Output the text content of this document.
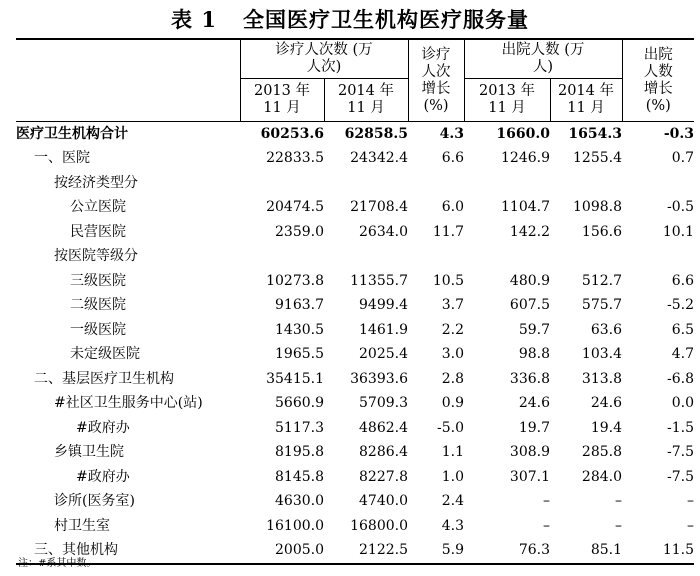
表 1 全国医疗卫生机构医疗服务量

	诊疗人次数 (万人次)		诊疗人次增长 (%)	出院人数 (万人)		出院人数增长 (%)

	2013 年 11 月	2014 年 11 月		2013 年 11 月	2014 年 11 月	

医疗卫生机构合计	60253.6	62858.5	4.3	1660.0	1654.3	-0.3
一、医院	22833.5	24342.4	6.6	1246.9	1255.4	0.7
按经济类型分						
公立医院	20474.5	21708.4	6.0	1104.7	1098.8	-0.5
民营医院	2359.0	2634.0	11.7	142.2	156.6	10.1
按医院等级分						
三级医院	10273.8	11355.7	10.5	480.9	512.7	6.6
二级医院	9163.7	9499.4	3.7	607.5	575.7	-5.2
一级医院	1430.5	1461.9	2.2	59.7	63.6	6.5
未定级医院	1965.5	2025.4	3.0	98.8	103.4	4.7
二、基层医疗卫生机构	35415.1	36393.6	2.8	336.8	313.8	-6.8
#社区卫生服务中心(站)	5660.9	5709.3	0.9	24.6	24.6	0.0
#政府办	5117.3	4862.4	-5.0	19.7	19.4	-1.5
乡镇卫生院	8195.8	8286.4	1.1	308.9	285.8	-7.5
#政府办	8145.8	8227.8	1.0	307.1	284.0	-7.5
诊所(医务室)	4630.0	4740.0	2.4	–	–	–
村卫生室	16100.0	16800.0	4.3	–	–	–
三、其他机构	2005.0	2122.5	5.9	76.3	85.1	11.5
注：#系其中数。
